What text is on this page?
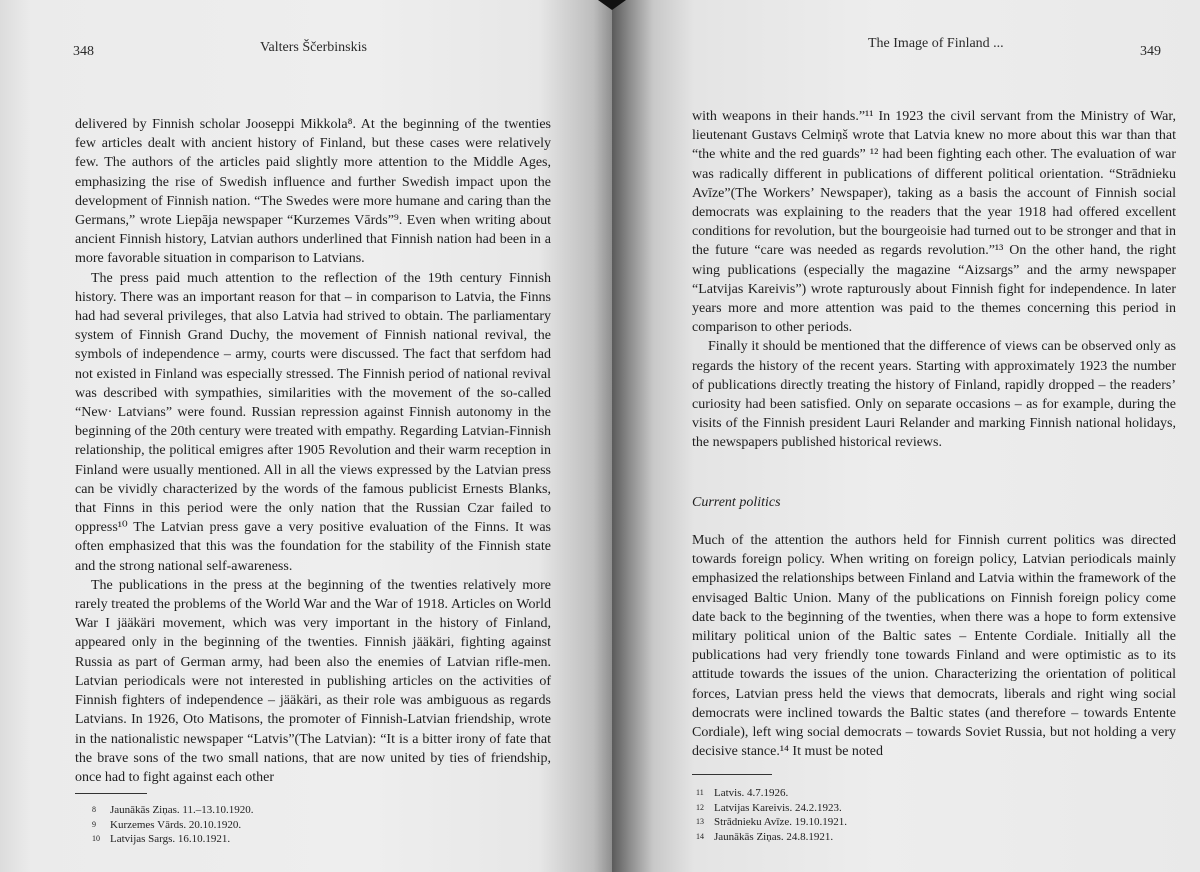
348	Valters Ščerbinskis

delivered by Finnish scholar Jooseppi Mikkola⁸. At the beginning of the twenties few articles dealt with ancient history of Finland, but these cases were relatively few. The authors of the articles paid slightly more attention to the Middle Ages, emphasizing the rise of Swedish influence and further Swedish impact upon the development of Finnish nation. “The Swedes were more humane and caring than the Germans,” wrote Liepāja newspaper “Kurzemes Vārds”⁹. Even when writing about ancient Finnish history, Latvian authors underlined that Finnish nation had been in a more favorable situation in comparison to Latvians.

The press paid much attention to the reflection of the 19th century Finnish history. There was an important reason for that – in comparison to Latvia, the Finns had had several privileges, that also Latvia had strived to obtain. The parliamentary system of Finnish Grand Duchy, the movement of Finnish national revival, the symbols of independence – army, courts were discussed. The fact that serfdom had not existed in Finland was especially stressed. The Finnish period of national revival was described with sympathies, similarities with the movement of the so-called “New· Latvians” were found. Russian repression against Finnish autonomy in the beginning of the 20th century were treated with empathy. Regarding Latvian-Finnish relationship, the political emigres after 1905 Revolution and their warm reception in Finland were usually mentioned. All in all the views expressed by the Latvian press can be vividly characterized by the words of the famous publicist Ernests Blanks, that Finns in this period were the only nation that the Russian Czar failed to oppress¹⁰ The Latvian press gave a very positive evaluation of the Finns. It was often emphasized that this was the foundation for the stability of the Finnish state and the strong national self-awareness.

The publications in the press at the beginning of the twenties relatively more rarely treated the problems of the World War and the War of 1918. Articles on World War I jääkäri movement, which was very important in the history of Finland, appeared only in the beginning of the twenties. Finnish jääkäri, fighting against Russia as part of German army, had been also the enemies of Latvian rifle-men. Latvian periodicals were not interested in publishing articles on the activities of Finnish fighters of independence – jääkäri, as their role was ambiguous as regards Latvians. In 1926, Oto Matisons, the promoter of Finnish-Latvian friendship, wrote in the nationalistic newspaper “Latvis”(The Latvian): “It is a bitter irony of fate that the brave sons of the two small nations, that are now united by ties of friendship, once had to fight against each other

8	Jaunākās Ziņas. 11.–13.10.1920.
9	Kurzemes Vārds. 20.10.1920.
10 Latvijas Sargs. 16.10.1921.
The Image of Finland ...
349

with weapons in their hands.”¹¹ In 1923 the civil servant from the Ministry of War, lieutenant Gustavs Celmiņš wrote that Latvia knew no more about this war than that “the white and the red guards” ¹² had been fighting each other. The evaluation of war was radically different in publications of different political orientation. “Strādnieku Avīze”(The Workers’ Newspaper), taking as a basis the account of Finnish social democrats was explaining to the readers that the year 1918 had offered excellent conditions for revolution, but the bourgeoisie had turned out to be stronger and that in the future “care was needed as regards revolution.”¹³ On the other hand, the right wing publications (especially the magazine “Aizsargs” and the army newspaper “Latvijas Kareivis”) wrote rapturously about Finnish fight for independence. In later years more and more attention was paid to the themes concerning this period in comparison to other periods.

Finally it should be mentioned that the difference of views can be observed only as regards the history of the recent years. Starting with approximately 1923 the number of publications directly treating the history of Finland, rapidly dropped – the readers’ curiosity had been satisfied. Only on separate occasions – as for example, during the visits of the Finnish president Lauri Relander and marking Finnish national holidays, the newspapers published historical reviews.

Current politics

Much of the attention the authors held for Finnish current politics was directed towards foreign policy. When writing on foreign policy, Latvian periodicals mainly emphasized the relationships between Finland and Latvia within the framework of the envisaged Baltic Union. Many of the publications on Finnish foreign policy come date back to the ƀeginning of the twenties, when there was a hope to form extensive military political union of the Baltic sates – Entente Cordiale. Initially all the publications had very friendly tone towards Finland and were optimistic as to its attitude towards the issues of the union. Characterizing the orientation of political forces, Latvian press held the views that democrats, liberals and right wing social democrats were inclined towards the Baltic states (and therefore – towards Entente Cordiale), left wing social democrats – towards Soviet Russia, but not holding a very decisive stance.¹⁴ It must be noted

11 Latvis. 4.7.1926.
12 Latvijas Kareivis. 24.2.1923.
13 Strādnieku Avīze. 19.10.1921.
14 Jaunākās Ziņas. 24.8.1921.
